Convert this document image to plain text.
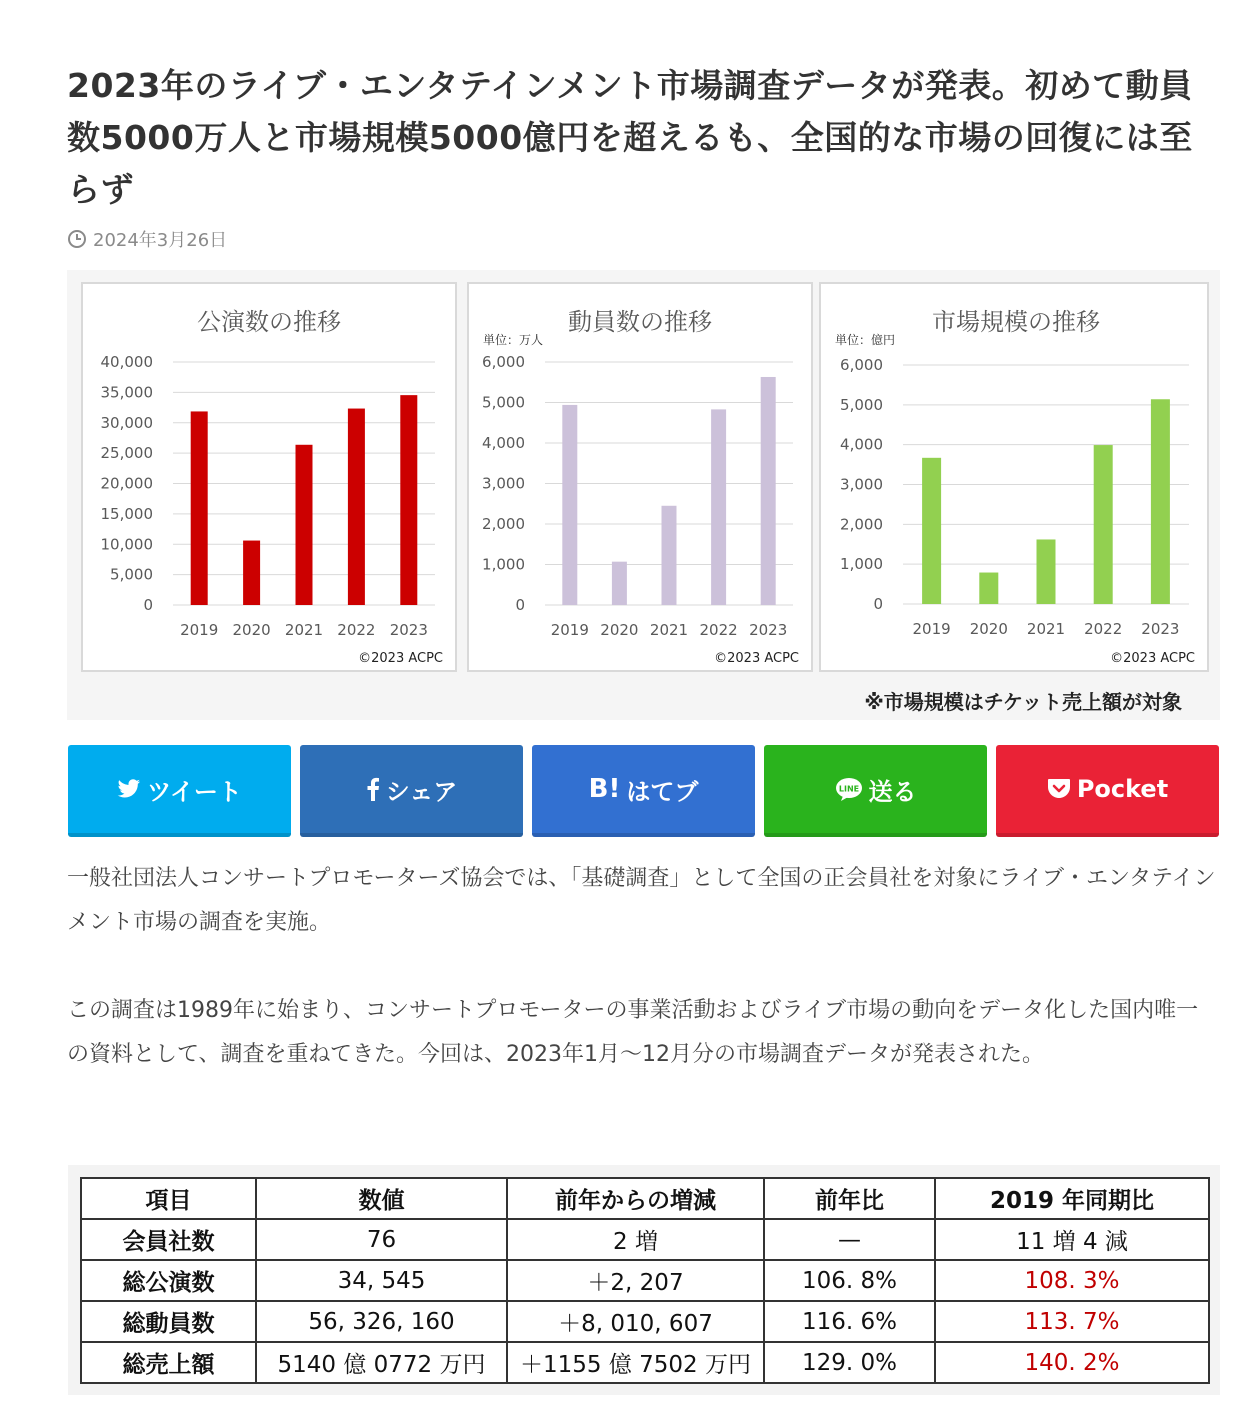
2023年のライブ・エンタテインメント市場調査データが発表。初めて動員数5000万人と市場規模5000億円を超えるも、全国的な市場の回復には至らず
2024年3月26日
公演数の推移
0
5,000
10,000
15,000
20,000
25,000
30,000
35,000
40,000
2019 2020 2021 2022 2023
©2023 ACPC
動員数の推移
単位：万人
0
1,000
2,000
3,000
4,000
5,000
6,000
2019 2020 2021 2022 2023
©2023 ACPC
市場規模の推移
単位：億円
0
1,000
2,000
3,000
4,000
5,000
6,000
2019 2020 2021 2022 2023
©2023 ACPC
※市場規模はチケット売上額が対象
ツイート	シェア	B! はてブ	LINE 送る	Pocket

一般社団法人コンサートプロモーターズ協会では、「基礎調査」として全国の正会員社を対象にライブ・エンタテインメント市場の調査を実施。

この調査は1989年に始まり、コンサートプロモーターの事業活動およびライブ市場の動向をデータ化した国内唯一の資料として、調査を重ねてきた。今回は、2023年1月～12月分の市場調査データが発表された。

項目	数値	前年からの増減	前年比	2019 年同期比
会員社数	76	2 増	—	11 増 4 減
総公演数	34, 545	＋2, 207	106. 8%	108. 3%
総動員数	56, 326, 160	＋8, 010, 607	116. 6%	113. 7%
総売上額	5140 億 0772 万円	＋1155 億 7502 万円	129. 0%	140. 2%
